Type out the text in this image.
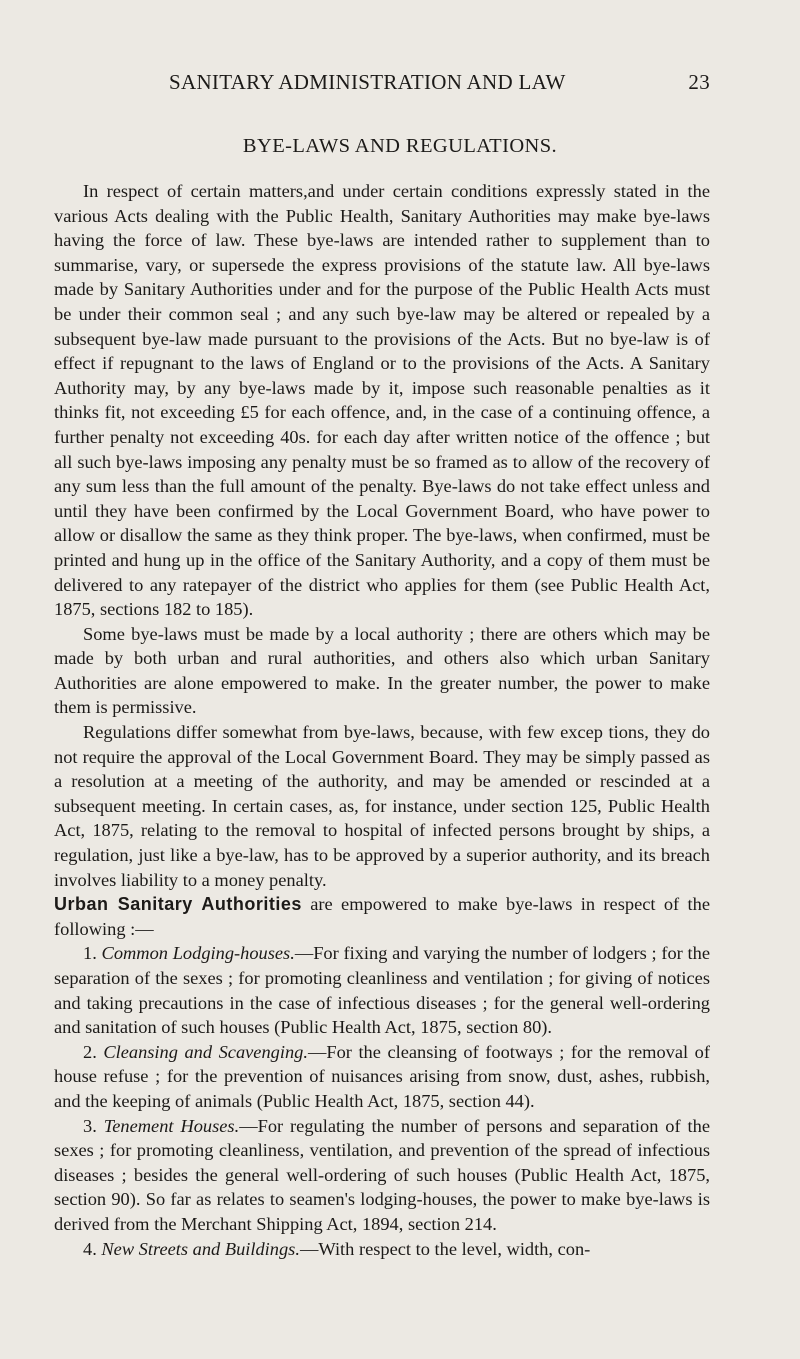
SANITARY ADMINISTRATION AND LAW	23
BYE-LAWS AND REGULATIONS.

In respect of certain matters,and under certain conditions expressly stated in the various Acts dealing with the Public Health, Sanitary Authorities may make bye-laws having the force of law. These bye-laws are intended rather to supplement than to summarise, vary, or supersede the express provisions of the statute law. All bye-laws made by Sanitary Authorities under and for the purpose of the Public Health Acts must be under their common seal ; and any such bye-law may be altered or repealed by a subsequent bye-law made pursuant to the provisions of the Acts. But no bye-law is of effect if repugnant to the laws of England or to the provisions of the Acts. A Sanitary Authority may, by any bye-laws made by it, impose such reasonable penalties as it thinks fit, not exceeding £5 for each offence, and, in the case of a continuing offence, a further penalty not exceeding 40s. for each day after written notice of the offence ; but all such bye-laws imposing any penalty must be so framed as to allow of the recovery of any sum less than the full amount of the penalty. Bye-laws do not take effect unless and until they have been confirmed by the Local Government Board, who have power to allow or disallow the same as they think proper. The bye-laws, when confirmed, must be printed and hung up in the office of the Sanitary Authority, and a copy of them must be delivered to any ratepayer of the district who applies for them (see Public Health Act, 1875, sections 182 to 185).

Some bye-laws must be made by a local authority ; there are others which may be made by both urban and rural authorities, and others also which urban Sanitary Authorities are alone empowered to make. In the greater number, the power to make them is permissive.

Regulations differ somewhat from bye-laws, because, with few excep tions, they do not require the approval of the Local Government Board. They may be simply passed as a resolution at a meeting of the authority, and may be amended or rescinded at a subsequent meeting. In certain cases, as, for instance, under section 125, Public Health Act, 1875, relating to the removal to hospital of infected persons brought by ships, a regulation, just like a bye-law, has to be approved by a superior authority, and its breach involves liability to a money penalty.

Urban Sanitary Authorities are empowered to make bye-laws in respect of the following :—

1. Common Lodging-houses.—For fixing and varying the number of lodgers ; for the separation of the sexes ; for promoting cleanliness and ventilation ; for giving of notices and taking precautions in the case of infectious diseases ; for the general well-ordering and sanitation of such houses (Public Health Act, 1875, section 80).

2. Cleansing and Scavenging.—For the cleansing of footways ; for the removal of house refuse ; for the prevention of nuisances arising from snow, dust, ashes, rubbish, and the keeping of animals (Public Health Act, 1875, section 44).

3. Tenement Houses.—For regulating the number of persons and separation of the sexes ; for promoting cleanliness, ventilation, and prevention of the spread of infectious diseases ; besides the general well-ordering of such houses (Public Health Act, 1875, section 90). So far as relates to seamen's lodging-houses, the power to make bye-laws is derived from the Merchant Shipping Act, 1894, section 214.

4. New Streets and Buildings.—With respect to the level, width, con-
